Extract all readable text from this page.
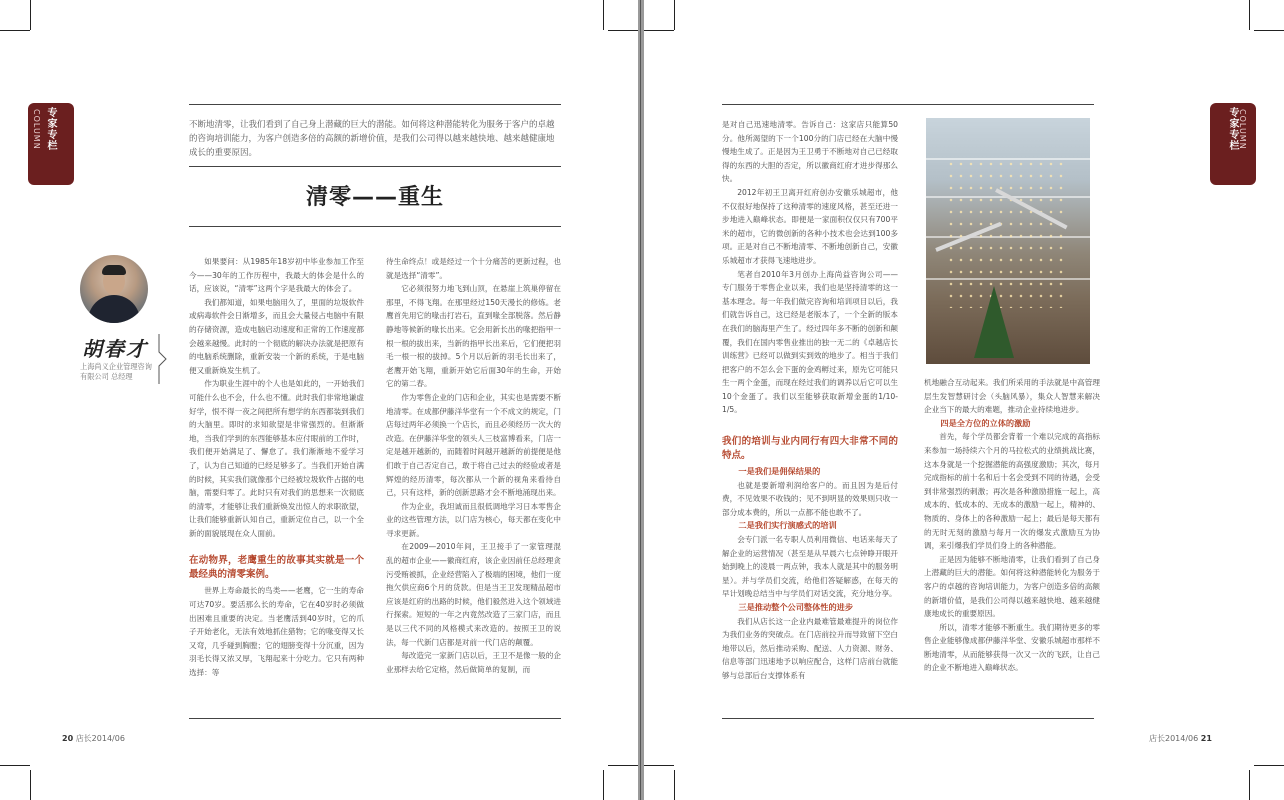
专家专栏
COLUMN	不断地清零，让我们看到了自己身上潜藏的巨大的潜能。如何将这种潜能转化为服务于客户的卓越的咨询培训能力，为客户创造多倍的高额的新增价值，是我们公司得以越来越快地、越来越健康地成长的重要原因。
清零——重生
胡春才
上海尚义企业管理咨询有限公司 总经理

如果要问：从1985年18岁初中毕业参加工作至今——30年的工作历程中，我最大的体会是什么的话，应该说，“清零”这两个字是我最大的体会了。

我们都知道，如果电脑用久了，里面的垃圾软件或病毒软件会日渐增多，而且会大量侵占电脑中有限的存储资源，造成电脑启动速度和正常的工作速度都会越来越慢。此时的一个彻底的解决办法就是把原有的电脑系统删除，重新安装一个新的系统，于是电脑便又重新焕发生机了。

作为职业生涯中的个人也是如此的，一开始我们可能什么也不会，什么也不懂。此时我们非常地谦虚好学，恨不得一夜之间把所有想学的东西都装到我们的大脑里。即时的求知欲望是非常强烈的。但渐渐地，当我们学到的东西能够基本应付眼前的工作时，我们便开始满足了、懈怠了。我们渐渐地不爱学习了，认为自己知道的已经足够多了。当我们开始自满的时候，其实我们就像那个已经被垃圾软件占据的电脑，需要归零了。此时只有对我们的思想来一次彻底的清零，才能够让我们重新焕发出惊人的求职欲望，让我们能够重新认知自己，重新定位自己，以一个全新的面貌展现在众人面前。

在动物界，老鹰重生的故事其实就是一个最经典的清零案例。

世界上寿命最长的鸟类——老鹰，它一生的寿命可达70岁。要活那么长的寿命，它在40岁时必须做出困难且重要的决定。当老鹰活到40岁时，它的爪子开始老化，无法有效地抓住猎物；它的喙变得又长又弯，几乎碰到胸膛；它的翅膀变得十分沉重，因为羽毛长得又浓又厚，飞翔起来十分吃力。它只有两种选择：等

待生命终点！或是经过一个十分痛苦的更新过程，也就是选择“清零”。

它必须很努力地飞到山顶，在悬崖上筑巢停留在那里，不得飞翔。在那里经过150天漫长的修炼。老鹰首先用它的喙击打岩石，直到喙全部脱落。然后静静地等候新的喙长出来。它会用新长出的喙把指甲一根一根的拔出来，当新的指甲长出来后，它们便把羽毛一根一根的拔掉。5个月以后新的羽毛长出来了，老鹰开始飞翔，重新开始它后面30年的生命，开始它的第二春。

作为零售企业的门店和企业，其实也是需要不断地清零。在成都伊藤洋华堂有一个不成文的规定，门店每过两年必须换一个店长，而且必须经历一次大的改造。在伊藤洋华堂的领头人三枝富博看来，门店一定是越开越新的，而随着时间越开越新的前提便是他们敢于自己否定自己，敢于将自己过去的经验或者是辉煌的经历清零，每次都从一个新的视角来看待自己，只有这样，新的创新思路才会不断地涌现出来。

作为企业，我坦诚而且很低调地学习日本零售企业的这些管理方法，以门店为核心，每天都在变化中寻求更新。

在2009—2010年间，王卫接手了一家管理混乱的超市企业——徽商红府，该企业因前任总经理贪污受贿被抓，企业经营陷入了极端的困境，他们一度拖欠供应商6个月的货款。但是当王卫发现精品超市应该是红府的出路的时候，他们毅然进入这个领域进行探索。短短的一年之内竟然改造了三家门店，而且是以三代不同的风格模式来改造的。按照王卫的说法，每一代新门店都是对前一代门店的颠覆。

每改造完一家新门店以后，王卫不是像一般的企业那样去给它定格，然后做简单的复制，而

20 店长2014/06
专家专栏 COLUMN

是对自己迅速地清零。告诉自己：这家店只能算50分。他所渴望的下一个100分的门店已经在大脑中慢慢地生成了。正是因为王卫勇于不断地对自己已经取得的东西的大胆的否定，所以徽商红府才进步得那么快。

2012年初王卫离开红府创办安徽乐城超市，他不仅很好地保持了这种清零的速度风格，甚至还进一步地进入巅峰状态。即便是一家面积仅仅只有700平米的超市，它的微创新的各种小技术也会达到100多项。正是对自己不断地清零、不断地创新自己，安徽乐城超市才获得飞速地进步。

笔者自2010年3月创办上海尚益咨询公司——专门服务于零售企业以来，我们也是坚持清零的这一基本理念。每一年我们做完咨询和培训项目以后，我们就告诉自己，这已经是老版本了，一个全新的版本在我们的脑海里产生了。经过四年多不断的创新和颠覆，我们在国内零售业推出的独一无二的《卓越店长训练营》已经可以做到实到效的地步了。相当于我们把客户的不怎么会下蛋的金鸡孵过来，原先它可能只生一两个金蛋，而现在经过我们的调养以后它可以生10个金蛋了。我们以至能够获取新增金蛋的1/10-1/5。

我们的培训与业内同行有四大非常不同的特点。
一是我们是佣保结果的

也就是要新增利润给客户的。而且因为是后付费，不见效果不收钱的；见不到明显的效果则只收一部分成本费的，所以一点都不能也敢不了。

二是我们实行演感式的培训

会专门派一名专职人员利用微信、电话来每天了解企业的运营情况（甚至是从早晨六七点钟睁开眼开始到晚上的凌晨一两点钟，我本人就是其中的服务明星）。并与学员们交流，给他们答疑解惑，在每天的早计划晚总结当中与学员们对话交流，充分地分享。

三是推动整个公司整体性的进步

我们从店长这一企业内最难管最难提升的岗位作为我们业务的突破点。在门店前拉升而导致留下空白地带以后，然后推动采购、配送、人力资源、财务、信息等部门迅速地予以响应配合，这样门店前台就能够与总部后台支撑体系有

机地融合互动起来。我们所采用的手法就是中高管理层生发智慧研讨会（头脑风暴），集众人智慧来解决企业当下的最大的难题，推动企业持续地进步。

四是全方位的立体的激励

首先，每个学员都会背着一个难以完成的高指标来参加一场持续六个月的马拉松式的业绩挑战比赛，这本身就是一个挖掘潜能的高强度激励；其次，每月完成指标的前十名和后十名会受到不同的待遇，会受到非常强烈的刺激；再次是各种激励措施一起上，高成本的、低成本的、无成本的激励一起上，精神的、物质的、身体上的各种激励一起上；最后是每天都有的无时无刻的激励与每月一次的爆发式激励互为协调，来引爆我们学员们身上的各种潜能。

正是因为能够不断地清零，让我们看到了自己身上潜藏的巨大的潜能。如何将这种潜能转化为服务于客户的卓越的咨询培训能力，为客户创造多倍的高额的新增价值，是我们公司得以越来越快地、越来越健康地成长的重要原因。

所以，清零才能够不断重生。我们期待更多的零售企业能够像成都伊藤洋华堂、安徽乐城超市那样不断地清零，从而能够获得一次又一次的飞跃，让自己的企业不断地进入巅峰状态。

店长2014/06 21
